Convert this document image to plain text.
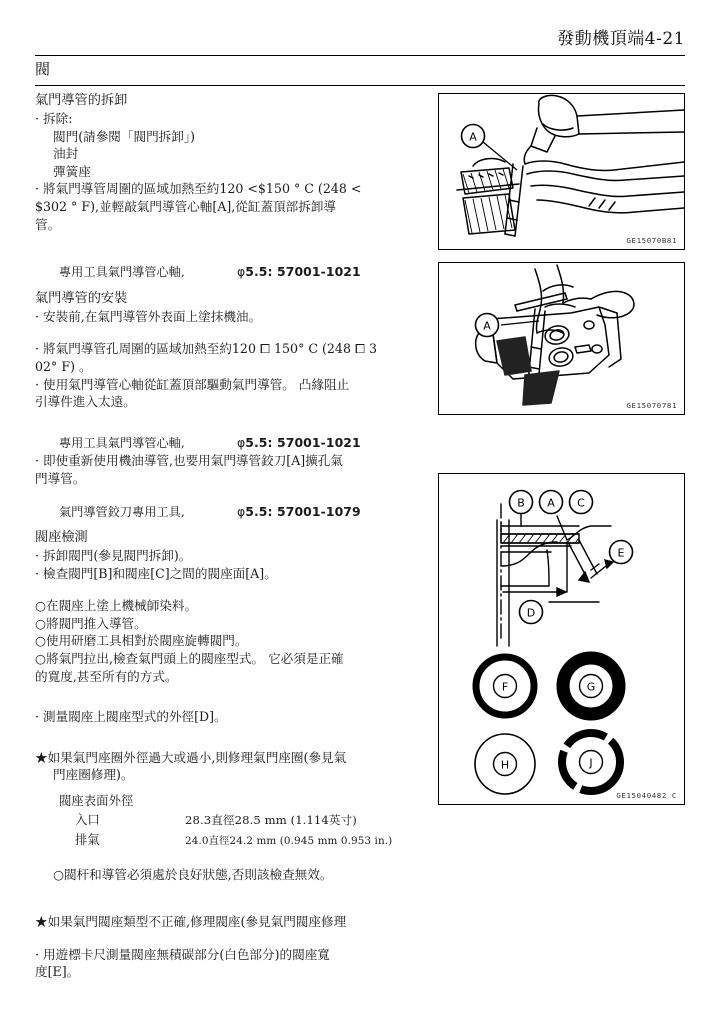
發動機頂端4-21
閥
氣門導管的拆卸
· 拆除:
閥門(請參閱「閥門拆卸」)
油封
彈簧座
· 將氣門導管周圍的區域加熱至約120 <$150 ° C (248 <
$302 ° F),並輕敲氣門導管心軸[A],從缸蓋頂部拆卸導
管。
專用工具氣門導管心軸,	φ5.5: 57001-1021
氣門導管的安裝
· 安裝前,在氣門導管外表面上塗抹機油。
· 將氣門導管孔周圍的區域加熱至約120 ⧠ 150° C (248 ⧠ 3
02° F) 。
· 使用氣門導管心軸從缸蓋頂部驅動氣門導管。 凸緣阻止
引導件進入太遠。
專用工具氣門導管心軸,	φ5.5: 57001-1021
· 即使重新使用機油導管,也要用氣門導管鉸刀[A]擴孔氣
門導管。
氣門導管鉸刀專用工具,	φ5.5: 57001-1079
閥座檢測
· 拆卸閥門(參見閥門拆卸)。
· 檢查閥門[B]和閥座[C]之間的閥座面[A]。
○在閥座上塗上機械師染料。
○將閥門推入導管。
○使用研磨工具相對於閥座旋轉閥門。
○將氣門拉出,檢查氣門頭上的閥座型式。 它必須是正確
的寬度,甚至所有的方式。
· 測量閥座上閥座型式的外徑[D]。
★如果氣門座圈外徑過大或過小,則修理氣門座圈(參見氣
門座圈修理)。
閥座表面外徑
入口	28.3直徑28.5 mm (1.114英寸)
排氣	24.0直徑24.2 mm (0.945 mm 0.953 in.)
○閥杆和導管必須處於良好狀態,否則該檢查無效。
★如果氣門閥座類型不正確,修理閥座(參見氣門閥座修理
· 用遊標卡尺測量閥座無積碳部分(白色部分)的閥座寬
度[E]。
A
GE15070B81
A
GE15070781
B A C
E
D
F	G
H	J
GE15040482 C
